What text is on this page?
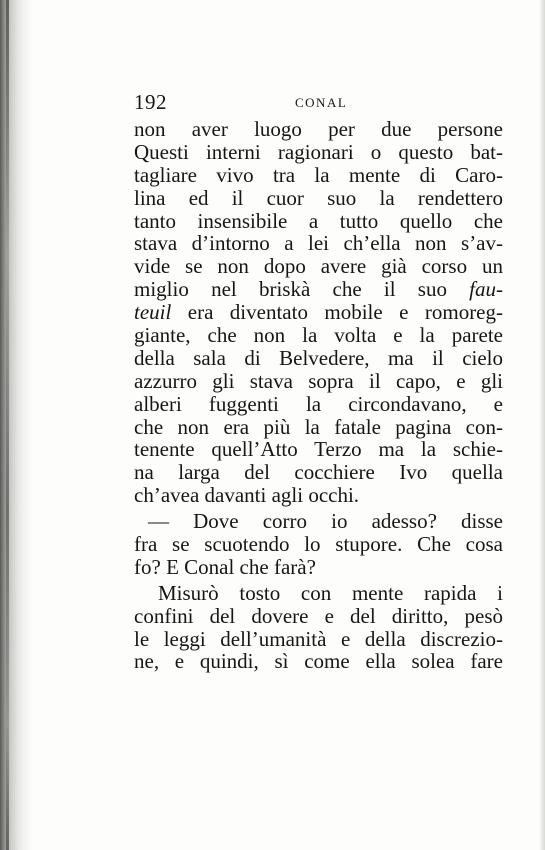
192	CONAL
non aver luogo per due persone
Questi interni ragionari o questo bat-
tagliare vivo tra la mente di Caro-
lina ed il cuor suo la rendettero
tanto insensibile a tutto quello che
stava d’intorno a lei ch’ella non s’av-
vide se non dopo avere già corso un
miglio nel briskà che il suo fau-
teuil era diventato mobile e romoreg-
giante, che non la volta e la parete
della sala di Belvedere, ma il cielo
azzurro gli stava sopra il capo, e gli
alberi fuggenti la circondavano, e
che non era più la fatale pagina con-
tenente quell’Atto Terzo ma la schie-
na larga del cocchiere Ivo quella
ch’avea davanti agli occhi.
— Dove corro io adesso? disse
fra se scuotendo lo stupore. Che cosa
fo? E Conal che farà?
Misurò tosto con mente rapida i
confini del dovere e del diritto, pesò
le leggi dell’umanità e della discrezio-
ne, e quindi, sì come ella solea fare
